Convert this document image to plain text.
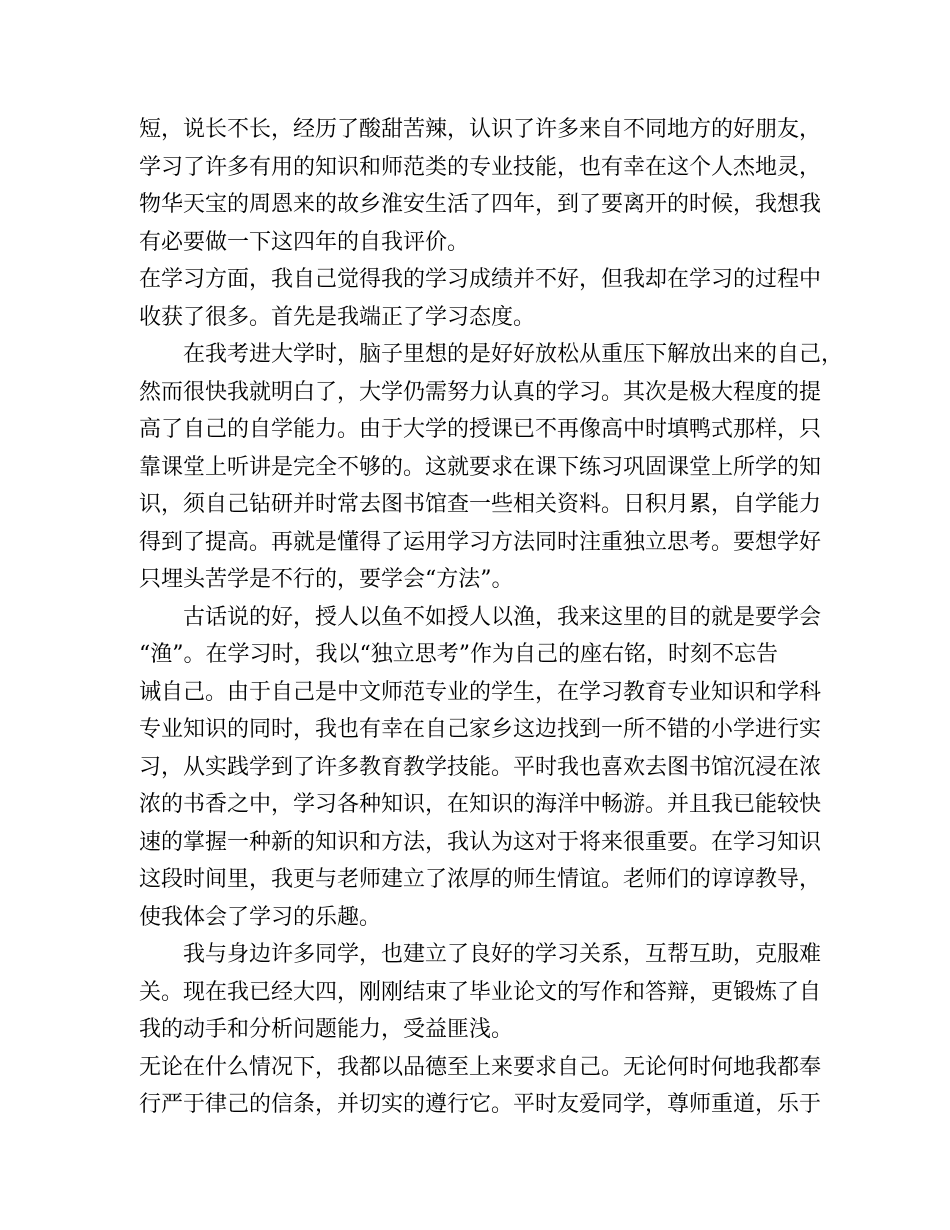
短，说长不长，经历了酸甜苦辣，认识了许多来自不同地方的好朋友，
学习了许多有用的知识和师范类的专业技能，也有幸在这个人杰地灵，
物华天宝的周恩来的故乡淮安生活了四年，到了要离开的时候，我想我
有必要做一下这四年的自我评价。
在学习方面，我自己觉得我的学习成绩并不好，但我却在学习的过程中
收获了很多。首先是我端正了学习态度。
在我考进大学时，脑子里想的是好好放松从重压下解放出来的自己，
然而很快我就明白了，大学仍需努力认真的学习。其次是极大程度的提
高了自己的自学能力。由于大学的授课已不再像高中时填鸭式那样，只
靠课堂上听讲是完全不够的。这就要求在课下练习巩固课堂上所学的知
识，须自己钻研并时常去图书馆查一些相关资料。日积月累，自学能力
得到了提高。再就是懂得了运用学习方法同时注重独立思考。要想学好
只埋头苦学是不行的，要学会“方法”。
古话说的好，授人以鱼不如授人以渔，我来这里的目的就是要学会
“渔”。在学习时，我以“独立思考”作为自己的座右铭，时刻不忘告
诫自己。由于自己是中文师范专业的学生，在学习教育专业知识和学科
专业知识的同时，我也有幸在自己家乡这边找到一所不错的小学进行实
习，从实践学到了许多教育教学技能。平时我也喜欢去图书馆沉浸在浓
浓的书香之中，学习各种知识，在知识的海洋中畅游。并且我已能较快
速的掌握一种新的知识和方法，我认为这对于将来很重要。在学习知识
这段时间里，我更与老师建立了浓厚的师生情谊。老师们的谆谆教导，
使我体会了学习的乐趣。
我与身边许多同学，也建立了良好的学习关系，互帮互助，克服难
关。现在我已经大四，刚刚结束了毕业论文的写作和答辩，更锻炼了自
我的动手和分析问题能力，受益匪浅。
无论在什么情况下，我都以品德至上来要求自己。无论何时何地我都奉
行严于律己的信条，并切实的遵行它。平时友爱同学，尊师重道，乐于
